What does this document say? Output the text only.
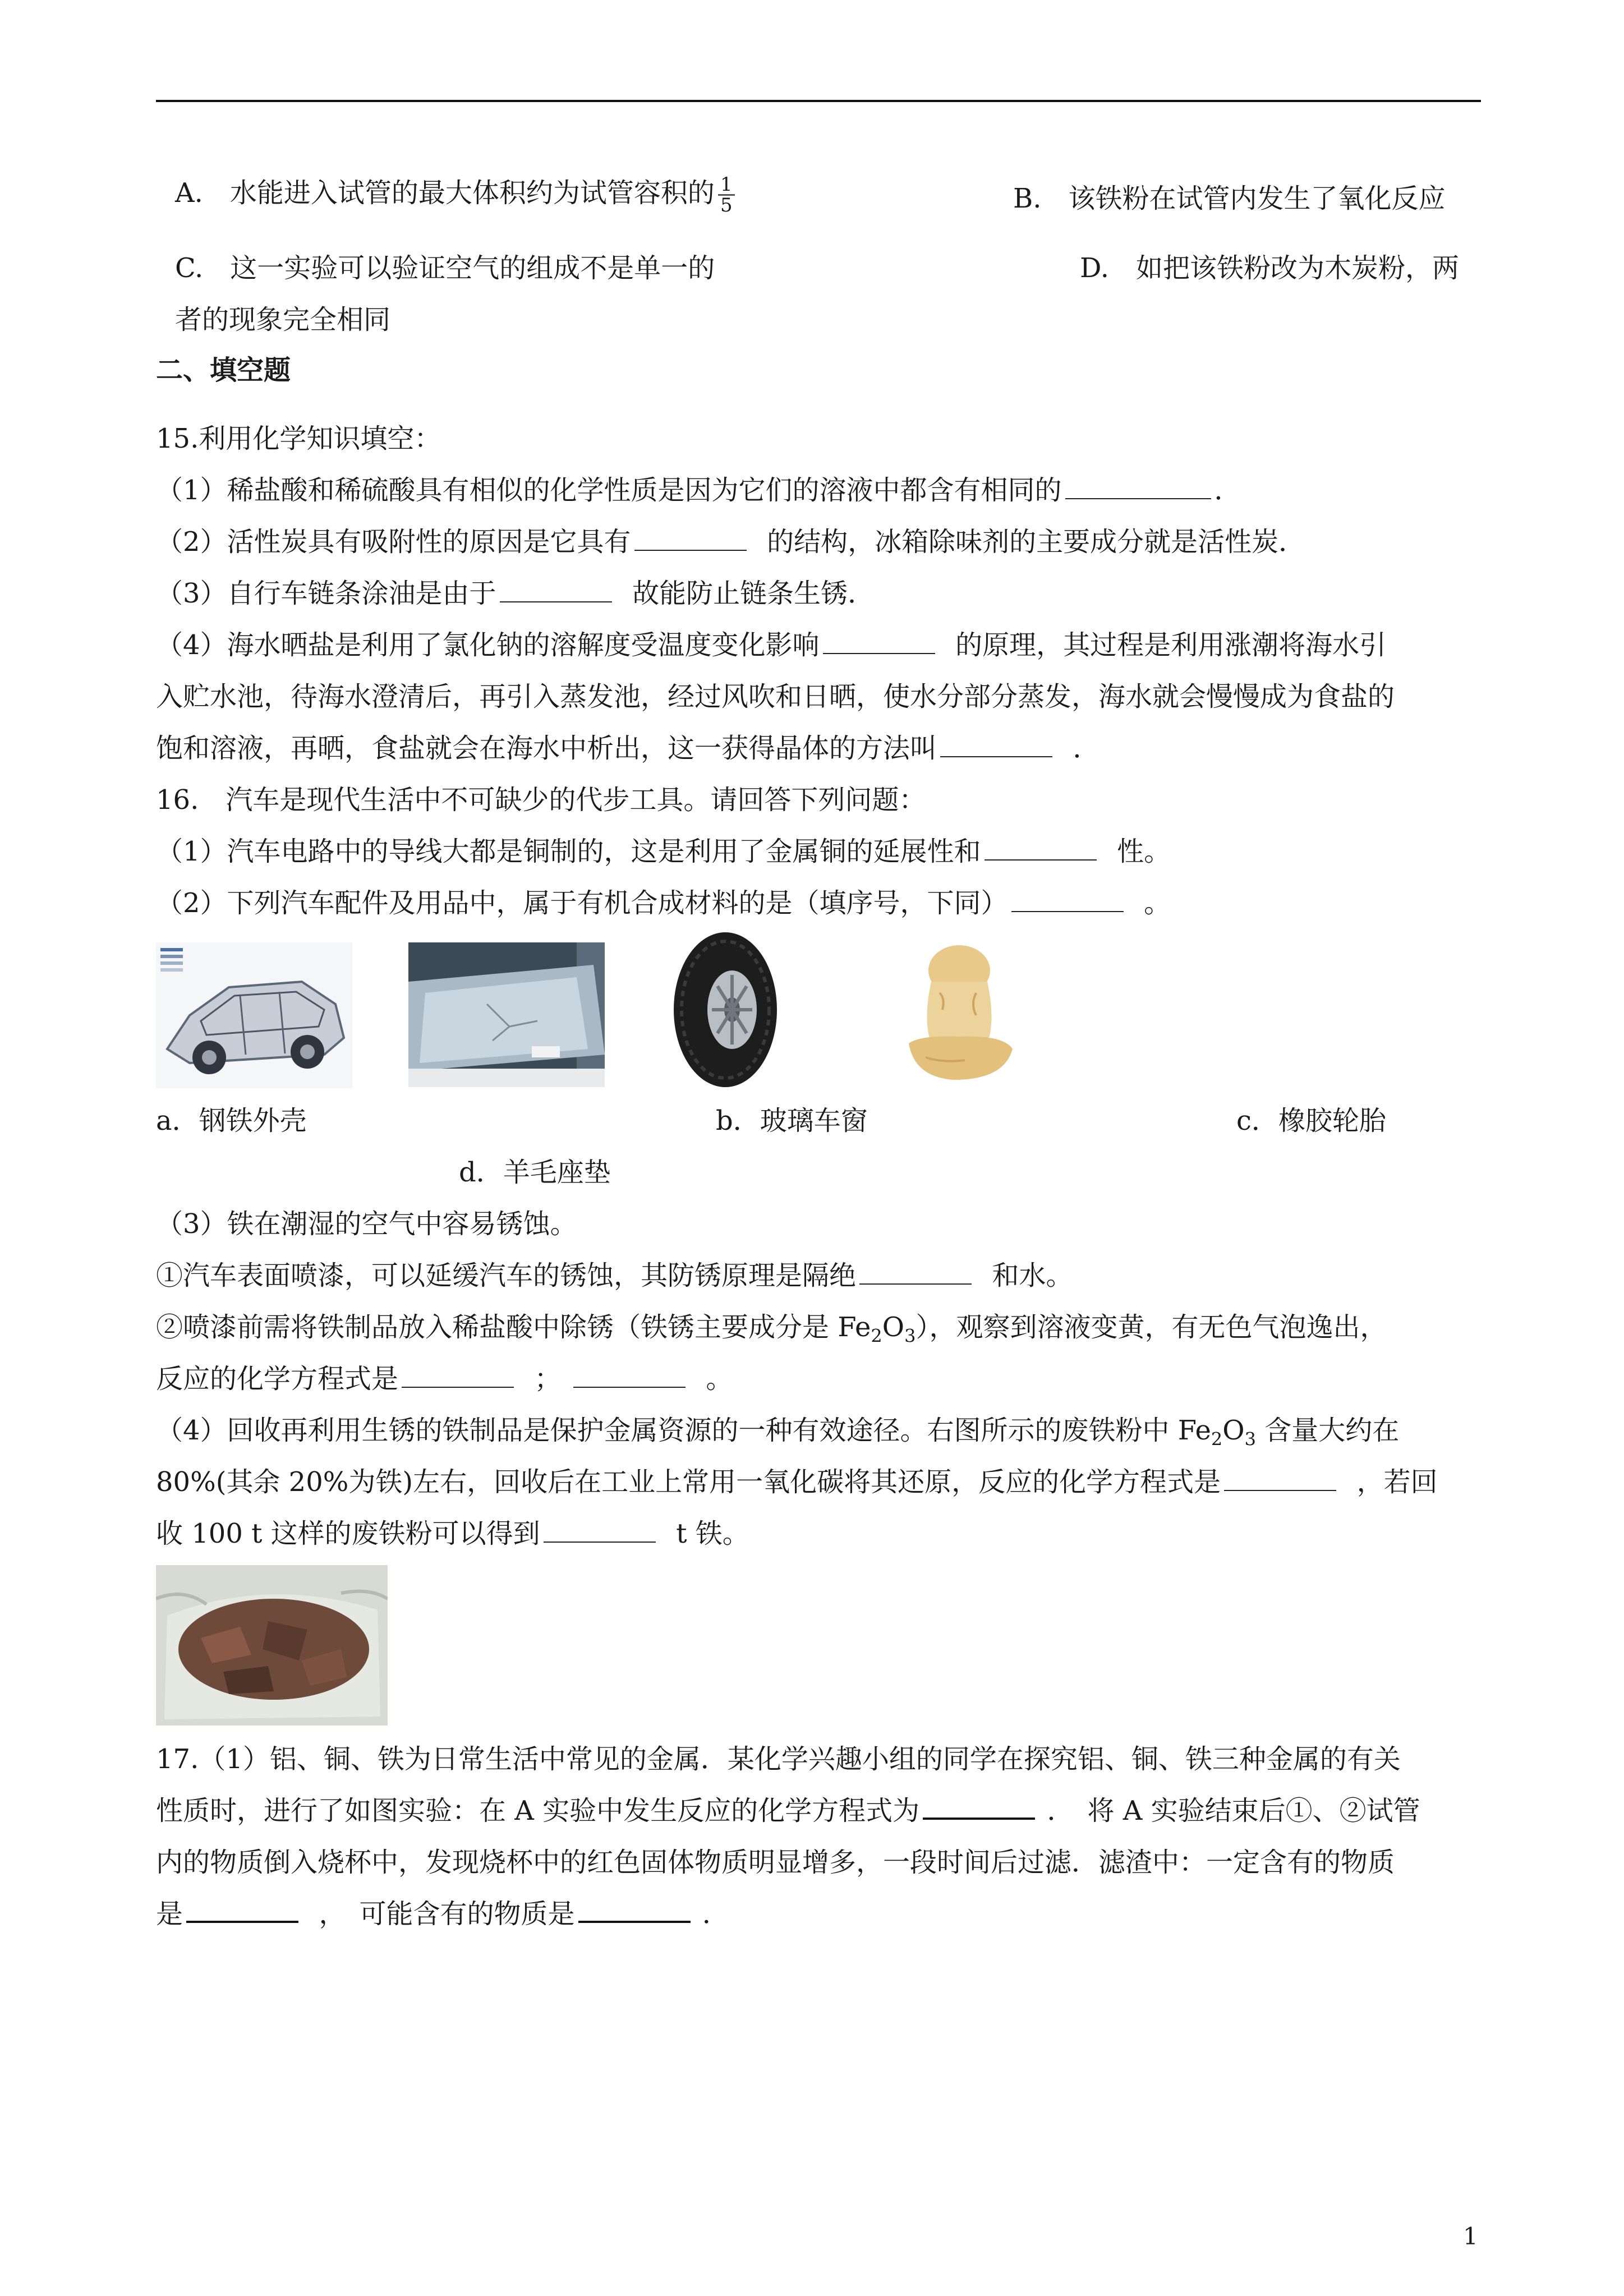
A.　水能进入试管的最大体积约为试管容积的 $\frac{1}{5}$	B.　该铁粉在试管内发生了氧化反应
C.　这一实验可以验证空气的组成不是单一的	D.　如把该铁粉改为木炭粉，两
者的现象完全相同
二、填空题
15.利用化学知识填空：
（1）稀盐酸和稀硫酸具有相似的化学性质是因为它们的溶液中都含有相同的	．
（2）活性炭具有吸附性的原因是它具有	的结构，冰箱除味剂的主要成分就是活性炭．
（3）自行车链条涂油是由于	故能防止链条生锈．
（4）海水晒盐是利用了氯化钠的溶解度受温度变化影响	的原理，其过程是利用涨潮将海水引
入贮水池，待海水澄清后，再引入蒸发池，经过风吹和日晒，使水分部分蒸发，海水就会慢慢成为食盐的
饱和溶液，再晒，食盐就会在海水中析出，这一获得晶体的方法叫	．
16.　汽车是现代生活中不可缺少的代步工具。请回答下列问题：
（1）汽车电路中的导线大都是铜制的，这是利用了金属铜的延展性和	性。
（2）下列汽车配件及用品中，属于有机合成材料的是（填序号，下同）	。
a．钢铁外壳	b．玻璃车窗	c．橡胶轮胎
d．羊毛座垫
（3）铁在潮湿的空气中容易锈蚀。
①汽车表面喷漆，可以延缓汽车的锈蚀，其防锈原理是隔绝	和水。
②喷漆前需将铁制品放入稀盐酸中除锈（铁锈主要成分是 $Fe_2O_3$），观察到溶液变黄，有无色气泡逸出，
反应的化学方程式是	；	。
（4）回收再利用生锈的铁制品是保护金属资源的一种有效途径。右图所示的废铁粉中 $Fe_2O_3$ 含量大约在
80%(其余 20%为铁)左右，回收后在工业上常用一氧化碳将其还原，反应的化学方程式是	，若回
收 100 t 这样的废铁粉可以得到	t 铁。
17.（1）铝、铜、铁为日常生活中常见的金属．某化学兴趣小组的同学在探究铝、铜、铁三种金属的有关
性质时，进行了如图实验：在 A 实验中发生反应的化学方程式为	．　将 A 实验结束后①、②试管
内的物质倒入烧杯中，发现烧杯中的红色固体物质明显增多，一段时间后过滤．滤渣中：一定含有的物质
是	，　可能含有的物质是	．
1
